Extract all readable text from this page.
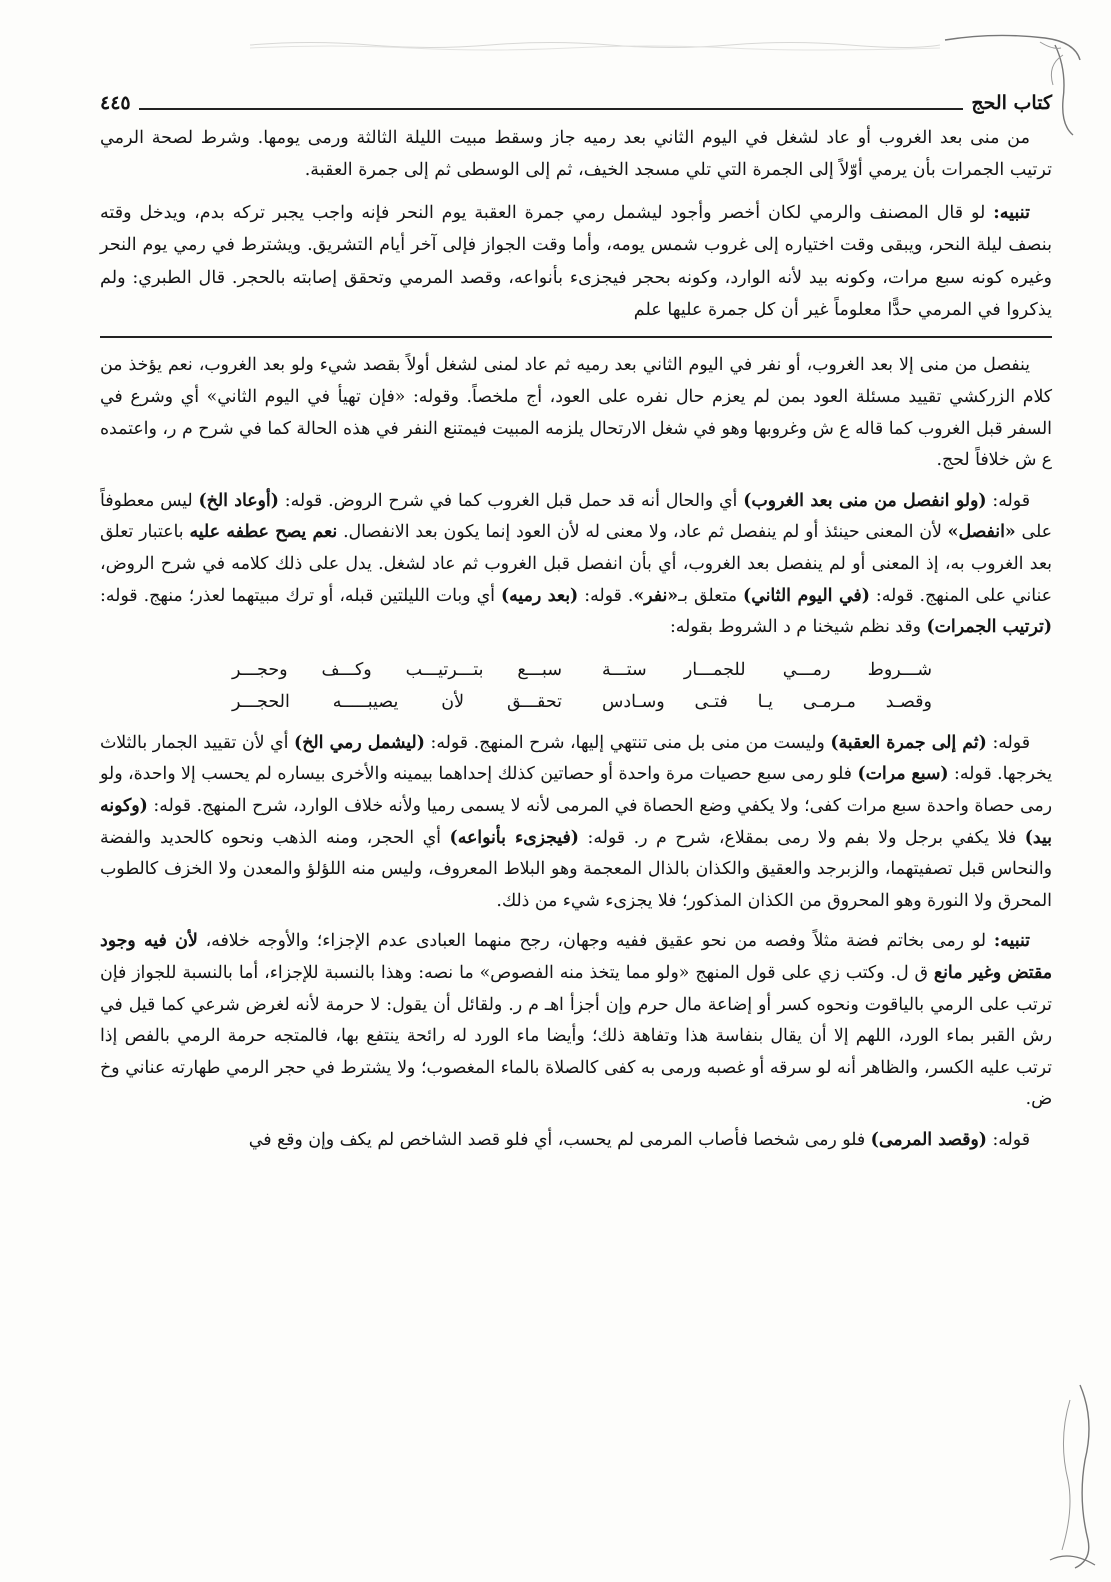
كتاب الحج
٤٤٥

من منى بعد الغروب أو عاد لشغل في اليوم الثاني بعد رميه جاز وسقط مبيت الليلة الثالثة ورمى يومها. وشرط لصحة الرمي ترتيب الجمرات بأن يرمي أوّلاً إلى الجمرة التي تلي مسجد الخيف، ثم إلى الوسطى ثم إلى جمرة العقبة.

تنبيه: لو قال المصنف والرمي لكان أخصر وأجود ليشمل رمي جمرة العقبة يوم النحر فإنه واجب يجبر تركه بدم، ويدخل وقته بنصف ليلة النحر، ويبقى وقت اختياره إلى غروب شمس يومه، وأما وقت الجواز فإلى آخر أيام التشريق. ويشترط في رمي يوم النحر وغيره كونه سبع مرات، وكونه بيد لأنه الوارد، وكونه بحجر فيجزىء بأنواعه، وقصد المرمي وتحقق إصابته بالحجر. قال الطبري: ولم يذكروا في المرمي حدًّا معلوماً غير أن كل جمرة عليها علم

ينفصل من منى إلا بعد الغروب، أو نفر في اليوم الثاني بعد رميه ثم عاد لمنى لشغل أولاً بقصد شيء ولو بعد الغروب، نعم يؤخذ من كلام الزركشي تقييد مسئلة العود بمن لم يعزم حال نفره على العود، أج ملخصاً. وقوله: «فإن تهيأ في اليوم الثاني» أي وشرع في السفر قبل الغروب كما قاله ع ش وغروبها وهو في شغل الارتحال يلزمه المبيت فيمتنع النفر في هذه الحالة كما في شرح م ر، واعتمده ع ش خلافاً لحج.

قوله: (ولو انفصل من منى بعد الغروب) أي والحال أنه قد حمل قبل الغروب كما في شرح الروض. قوله: (أوعاد الخ) ليس معطوفاً على «انفصل» لأن المعنى حينئذ أو لم ينفصل ثم عاد، ولا معنى له لأن العود إنما يكون بعد الانفصال. نعم يصح عطفه عليه باعتبار تعلق بعد الغروب به، إذ المعنى أو لم ينفصل بعد الغروب، أي بأن انفصل قبل الغروب ثم عاد لشغل. يدل على ذلك كلامه في شرح الروض، عناني على المنهج. قوله: (في اليوم الثاني) متعلق بـ«نفر». قوله: (بعد رميه) أي وبات الليلتين قبله، أو ترك مبيتهما لعذر؛ منهج. قوله: (ترتيب الجمرات) وقد نظم شيخنا م د الشروط بقوله:

شـــروط رمـــي للجمـــار ستـــة
سبـــع بتـــرتيـــب وكـــف وحجـــر
وقصـد مـرمـى يـا فتـى وسـادس
تحقـــق لأن يصيبـــــه الحجـــر

قوله: (ثم إلى جمرة العقبة) وليست من منى بل منى تنتهي إليها، شرح المنهج. قوله: (ليشمل رمي الخ) أي لأن تقييد الجمار بالثلاث يخرجها. قوله: (سبع مرات) فلو رمى سبع حصيات مرة واحدة أو حصاتين كذلك إحداهما بيمينه والأخرى بيساره لم يحسب إلا واحدة، ولو رمى حصاة واحدة سبع مرات كفى؛ ولا يكفي وضع الحصاة في المرمى لأنه لا يسمى رميا ولأنه خلاف الوارد، شرح المنهج. قوله: (وكونه بيد) فلا يكفي برجل ولا بفم ولا رمى بمقلاع، شرح م ر. قوله: (فيجزىء بأنواعه) أي الحجر، ومنه الذهب ونحوه كالحديد والفضة والنحاس قبل تصفيتهما، والزبرجد والعقيق والكذان بالذال المعجمة وهو البلاط المعروف، وليس منه اللؤلؤ والمعدن ولا الخزف كالطوب المحرق ولا النورة وهو المحروق من الكذان المذكور؛ فلا يجزىء شيء من ذلك.

تنبيه: لو رمى بخاتم فضة مثلاً وفصه من نحو عقيق ففيه وجهان، رجح منهما العبادى عدم الإجزاء؛ والأوجه خلافه، لأن فيه وجود مقتض وغير مانع ق ل. وكتب زي على قول المنهج «ولو مما يتخذ منه الفصوص» ما نصه: وهذا بالنسبة للإجزاء، أما بالنسبة للجواز فإن ترتب على الرمي بالياقوت ونحوه كسر أو إضاعة مال حرم وإن أجزأ اهـ م ر. ولقائل أن يقول: لا حرمة لأنه لغرض شرعي كما قيل في رش القبر بماء الورد، اللهم إلا أن يقال بنفاسة هذا وتفاهة ذلك؛ وأيضا ماء الورد له رائحة ينتفع بها، فالمتجه حرمة الرمي بالفص إذا ترتب عليه الكسر، والظاهر أنه لو سرقه أو غصبه ورمى به كفى كالصلاة بالماء المغصوب؛ ولا يشترط في حجر الرمي طهارته عناني وخ ض.

قوله: (وقصد المرمى) فلو رمى شخصا فأصاب المرمى لم يحسب، أي فلو قصد الشاخص لم يكف وإن وقع في
